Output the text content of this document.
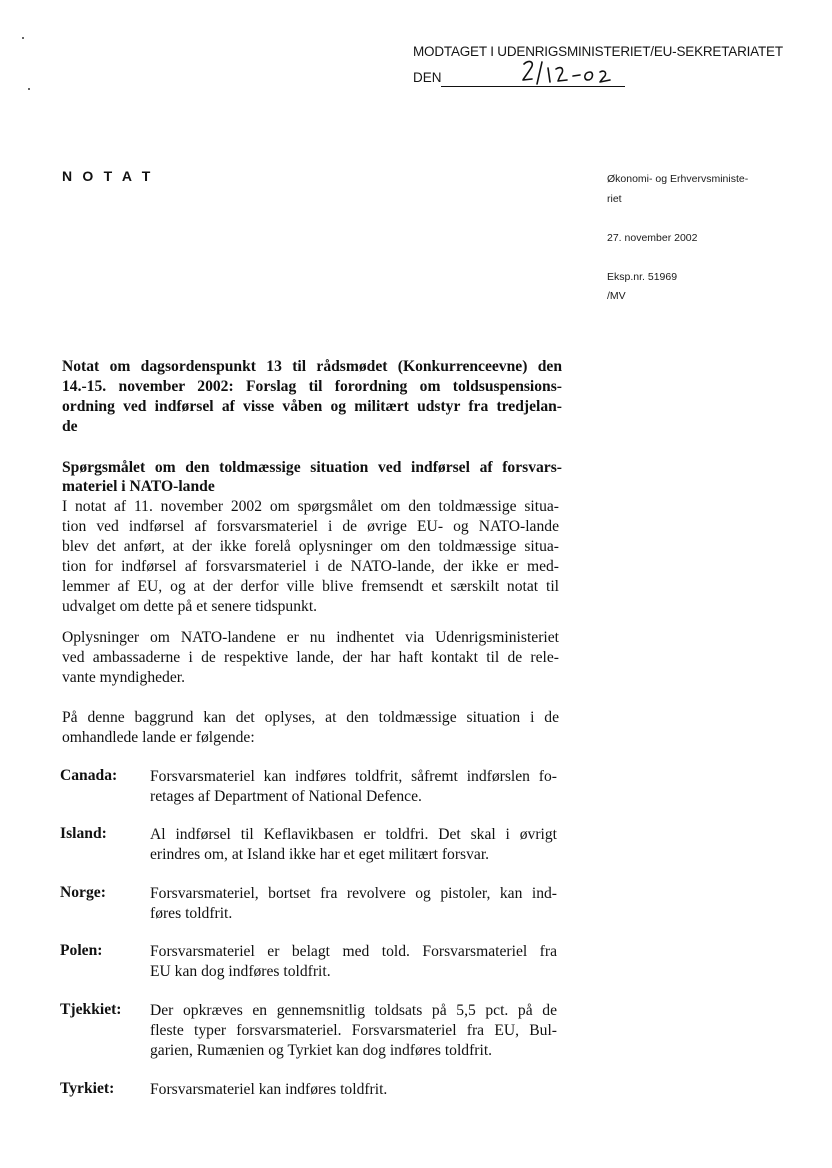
MODTAGET I UDENRIGSMINISTERIET/EU-SEKRETARIATET
DEN
N O T A T	Økonomi- og Erhvervsministe-
riet
27. november 2002
Eksp.nr. 51969
/MV
Notat om dagsordenspunkt 13 til rådsmødet (Konkurrenceevne) den
14.-15. november 2002: Forslag til forordning om toldsuspensions-
ordning ved indførsel af visse våben og militært udstyr fra tredjelan-
de
Spørgsmålet om den toldmæssige situation ved indførsel af forsvars-
materiel i NATO-lande
I notat af 11. november 2002 om spørgsmålet om den toldmæssige situa-
tion ved indførsel af forsvarsmateriel i de øvrige EU- og NATO-lande
blev det anført, at der ikke forelå oplysninger om den toldmæssige situa-
tion for indførsel af forsvarsmateriel i de NATO-lande, der ikke er med-
lemmer af EU, og at der derfor ville blive fremsendt et særskilt notat til
udvalget om dette på et senere tidspunkt.
Oplysninger om NATO-landene er nu indhentet via Udenrigsministeriet
ved ambassaderne i de respektive lande, der har haft kontakt til de rele-
vante myndigheder.
På denne baggrund kan det oplyses, at den toldmæssige situation i de
omhandlede lande er følgende:
Canada: Forsvarsmateriel kan indføres toldfrit, såfremt indførslen fo-
retages af Department of National Defence.
Island:	Al indførsel til Keflavikbasen er toldfri. Det skal i øvrigt
erindres om, at Island ikke har et eget militært forsvar.
Norge:	Forsvarsmateriel, bortset fra revolvere og pistoler, kan ind-
føres toldfrit.
Polen:	Forsvarsmateriel er belagt med told. Forsvarsmateriel fra
EU kan dog indføres toldfrit.
Tjekkiet: Der opkræves en gennemsnitlig toldsats på 5,5 pct. på de
fleste typer forsvarsmateriel. Forsvarsmateriel fra EU, Bul-
garien, Rumænien og Tyrkiet kan dog indføres toldfrit.
Tyrkiet: Forsvarsmateriel kan indføres toldfrit.
